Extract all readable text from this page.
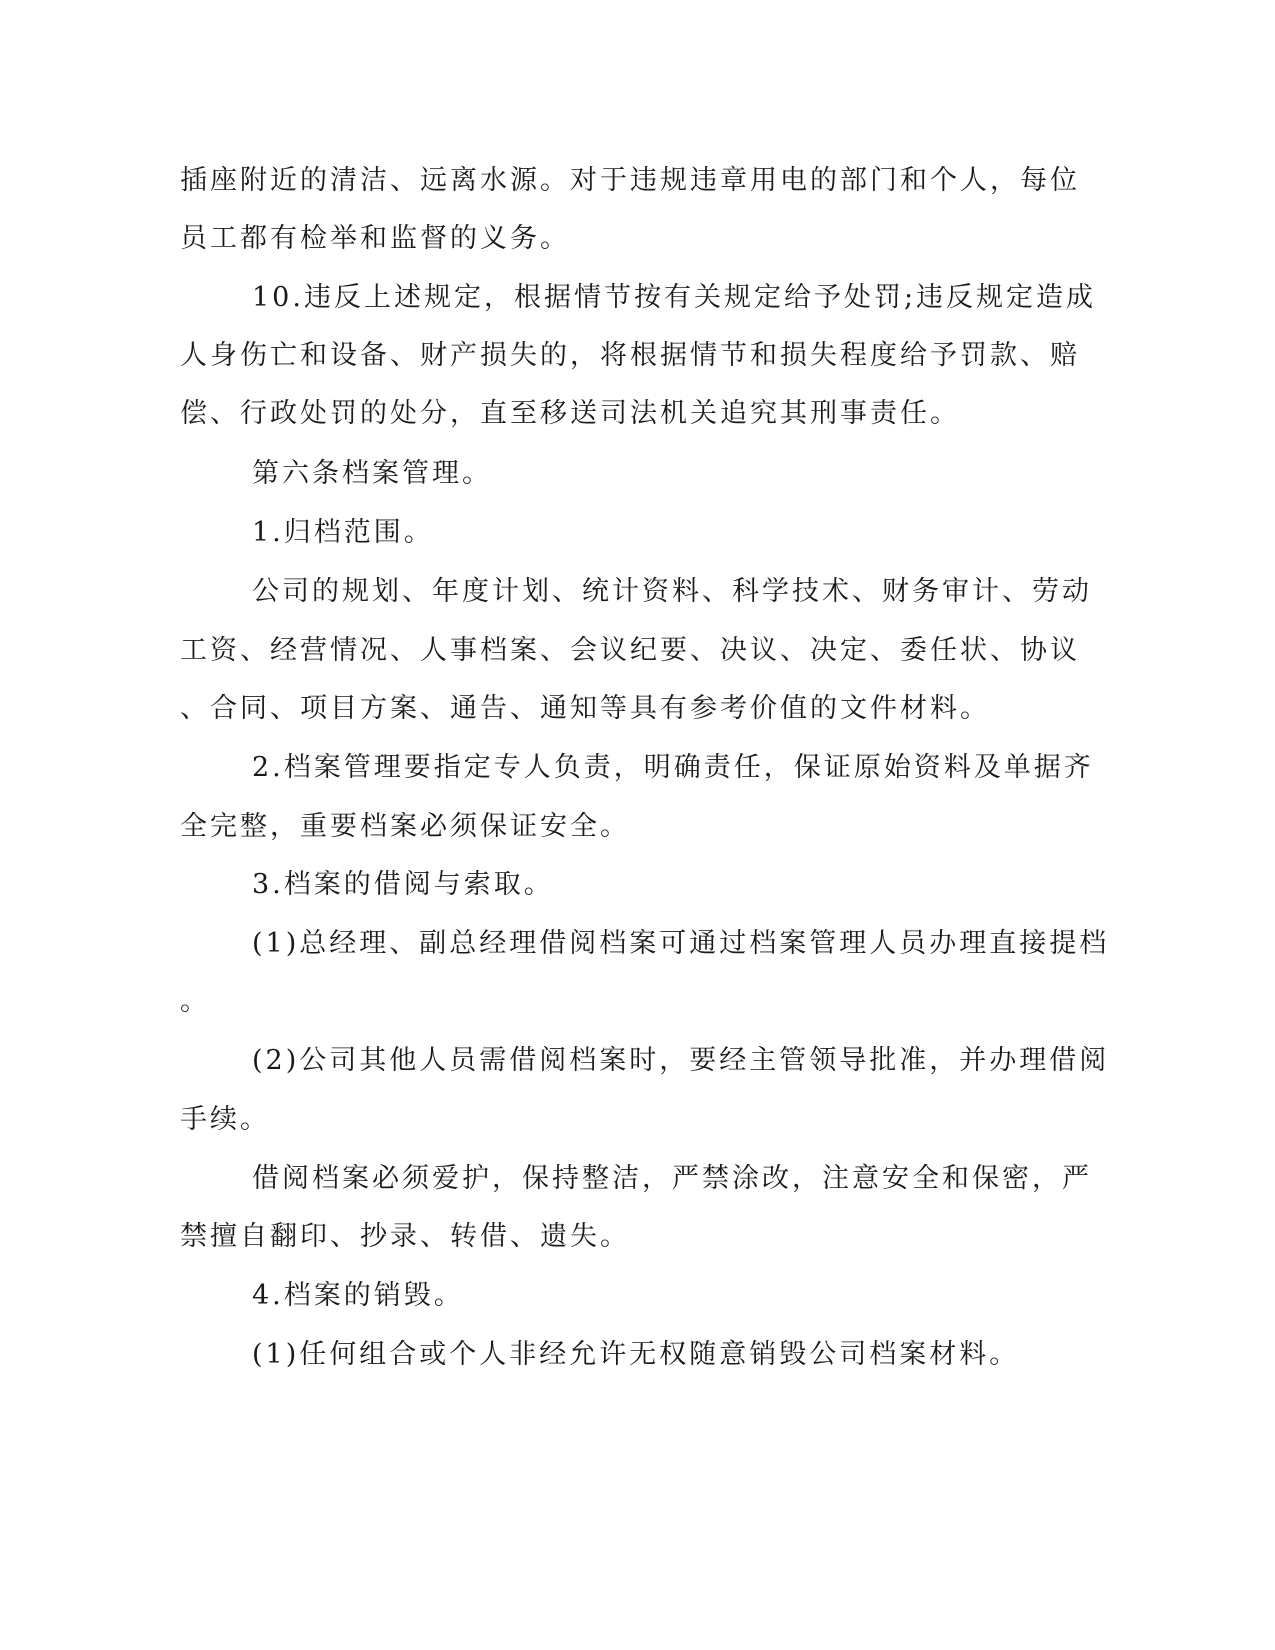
插座附近的清洁、远离水源。对于违规违章用电的部门和个人，每位
员工都有检举和监督的义务。
10.违反上述规定，根据情节按有关规定给予处罚;违反规定造成
人身伤亡和设备、财产损失的，将根据情节和损失程度给予罚款、赔
偿、行政处罚的处分，直至移送司法机关追究其刑事责任。
第六条档案管理。
1.归档范围。
公司的规划、年度计划、统计资料、科学技术、财务审计、劳动
工资、经营情况、人事档案、会议纪要、决议、决定、委任状、协议
、合同、项目方案、通告、通知等具有参考价值的文件材料。
2.档案管理要指定专人负责，明确责任，保证原始资料及单据齐
全完整，重要档案必须保证安全。
3.档案的借阅与索取。
(1)总经理、副总经理借阅档案可通过档案管理人员办理直接提档
。
(2)公司其他人员需借阅档案时，要经主管领导批准，并办理借阅
手续。
借阅档案必须爱护，保持整洁，严禁涂改，注意安全和保密，严
禁擅自翻印、抄录、转借、遗失。
4.档案的销毁。
(1)任何组合或个人非经允许无权随意销毁公司档案材料。
